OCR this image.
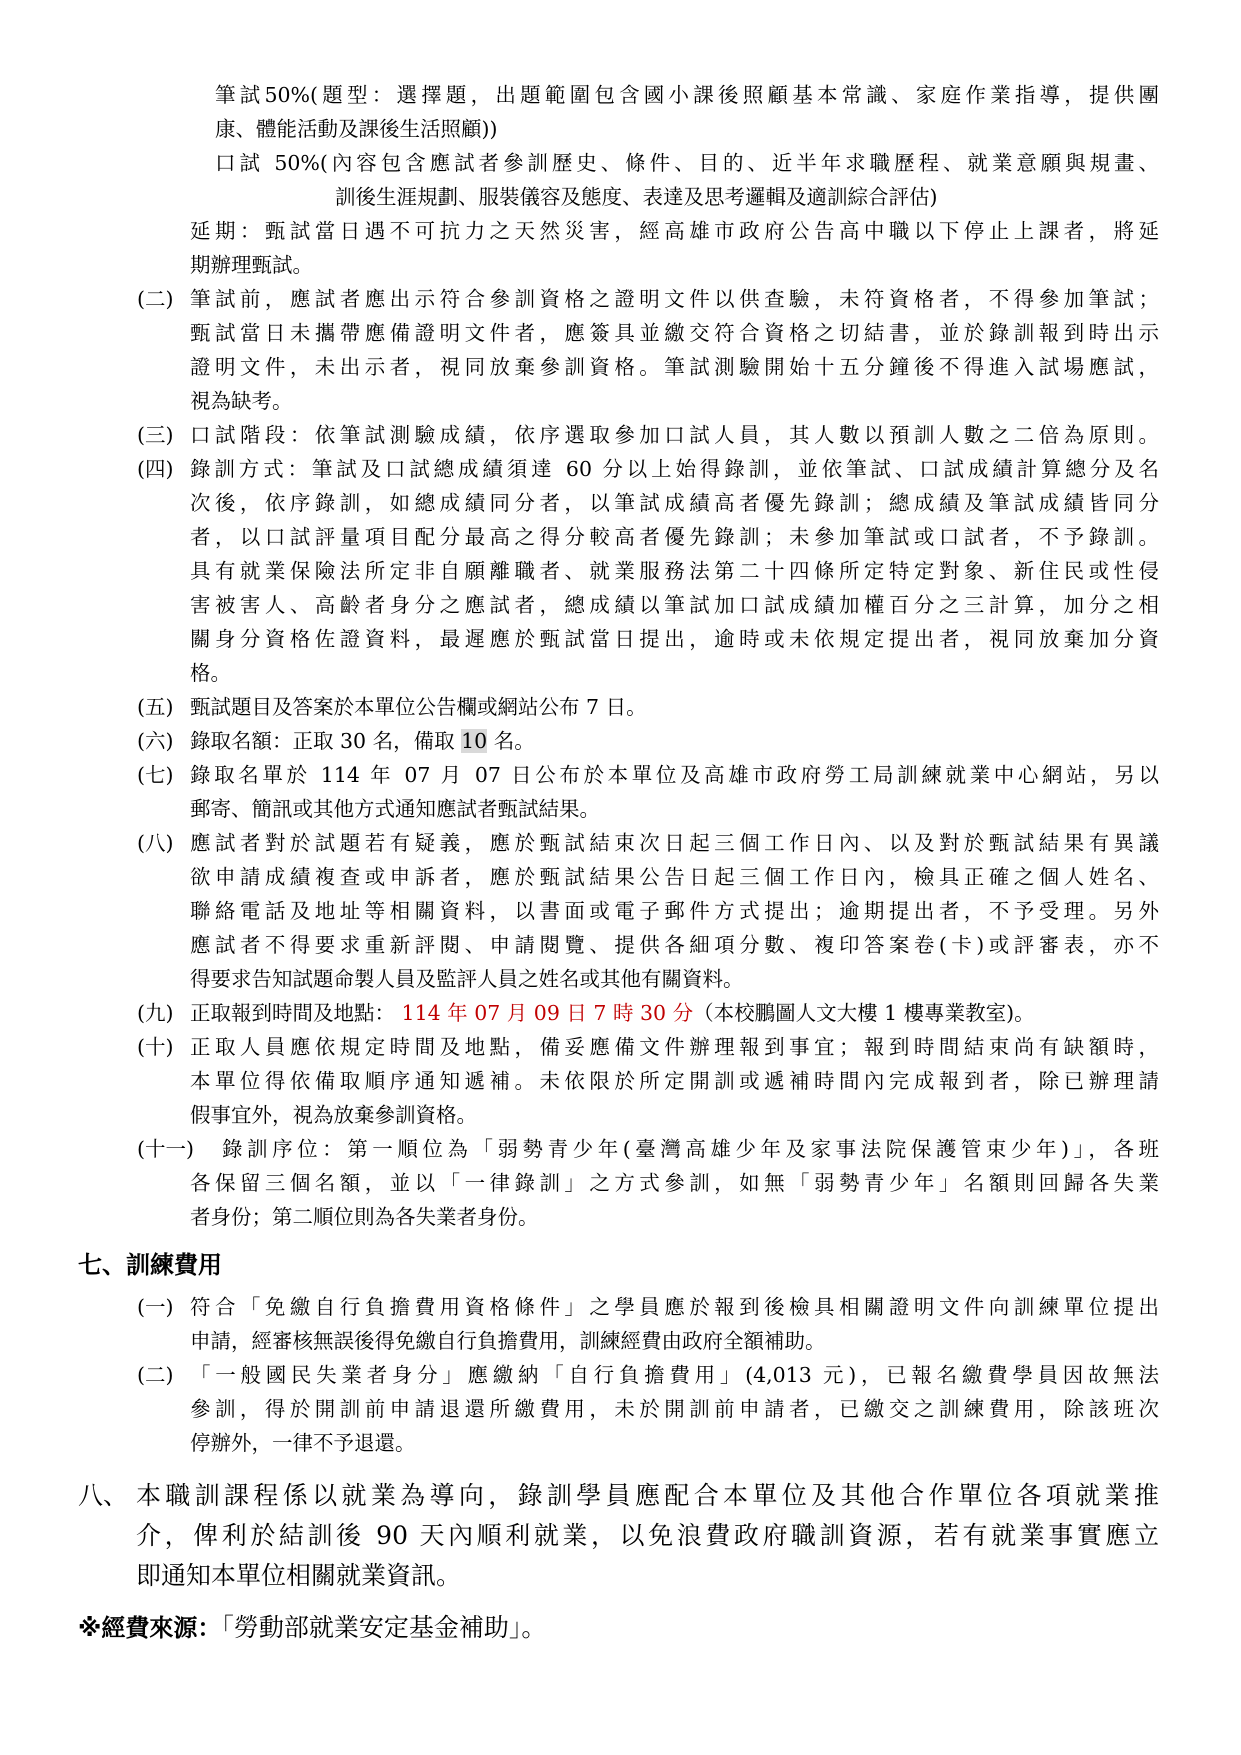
筆試50%(題型：選擇題，出題範圍包含國小課後照顧基本常識、家庭作業指導，提供團
康、體能活動及課後生活照顧))
口試 50%(內容包含應試者參訓歷史、條件、目的、近半年求職歷程、就業意願與規畫、
訓後生涯規劃、服裝儀容及態度、表達及思考邏輯及適訓綜合評估)
延期：甄試當日遇不可抗力之天然災害，經高雄市政府公告高中職以下停止上課者，將延
期辦理甄試。
(二) 筆試前，應試者應出示符合參訓資格之證明文件以供查驗，未符資格者，不得參加筆試；
甄試當日未攜帶應備證明文件者，應簽具並繳交符合資格之切結書，並於錄訓報到時出示
證明文件，未出示者，視同放棄參訓資格。筆試測驗開始十五分鐘後不得進入試場應試，
視為缺考。
(三) 口試階段：依筆試測驗成績，依序選取參加口試人員，其人數以預訓人數之二倍為原則。
(四) 錄訓方式：筆試及口試總成績須達 60 分以上始得錄訓，並依筆試、口試成績計算總分及名
次後，依序錄訓，如總成績同分者，以筆試成績高者優先錄訓；總成績及筆試成績皆同分
者，以口試評量項目配分最高之得分較高者優先錄訓；未參加筆試或口試者，不予錄訓。
具有就業保險法所定非自願離職者、就業服務法第二十四條所定特定對象、新住民或性侵
害被害人、高齡者身分之應試者，總成績以筆試加口試成績加權百分之三計算，加分之相
關身分資格佐證資料，最遲應於甄試當日提出，逾時或未依規定提出者，視同放棄加分資
格。
(五) 甄試題目及答案於本單位公告欄或網站公布 7 日。
(六) 錄取名額：正取 30 名，備取 10 名。
(七) 錄取名單於 114 年 07 月 07 日公布於本單位及高雄市政府勞工局訓練就業中心網站，另以
郵寄、簡訊或其他方式通知應試者甄試結果。
(八) 應試者對於試題若有疑義，應於甄試結束次日起三個工作日內、以及對於甄試結果有異議
欲申請成績複查或申訴者，應於甄試結果公告日起三個工作日內，檢具正確之個人姓名、
聯絡電話及地址等相關資料，以書面或電子郵件方式提出；逾期提出者，不予受理。另外
應試者不得要求重新評閱、申請閱覽、提供各細項分數、複印答案卷(卡)或評審表，亦不
得要求告知試題命製人員及監評人員之姓名或其他有關資料。
(九) 正取報到時間及地點： 114 年 07 月 09 日 7 時 30 分（本校鵬圖人文大樓 1 樓專業教室)。
(十) 正取人員應依規定時間及地點，備妥應備文件辦理報到事宜；報到時間結束尚有缺額時，
本單位得依備取順序通知遞補。未依限於所定開訓或遞補時間內完成報到者，除已辦理請
假事宜外，視為放棄參訓資格。
(十一) 錄訓序位：第一順位為「弱勢青少年(臺灣高雄少年及家事法院保護管束少年)」，各班
各保留三個名額，並以「一律錄訓」之方式參訓，如無「弱勢青少年」名額則回歸各失業
者身份；第二順位則為各失業者身份。
七、訓練費用
(一) 符合「免繳自行負擔費用資格條件」之學員應於報到後檢具相關證明文件向訓練單位提出
申請，經審核無誤後得免繳自行負擔費用，訓練經費由政府全額補助。
(二) 「一般國民失業者身分」應繳納「自行負擔費用」(4,013 元)，已報名繳費學員因故無法
參訓，得於開訓前申請退還所繳費用，未於開訓前申請者，已繳交之訓練費用，除該班次
停辦外，一律不予退還。
八、 本職訓課程係以就業為導向，錄訓學員應配合本單位及其他合作單位各項就業推
介，俾利於結訓後 90 天內順利就業，以免浪費政府職訓資源，若有就業事實應立
即通知本單位相關就業資訊。
※經費來源：「勞動部就業安定基金補助」。
